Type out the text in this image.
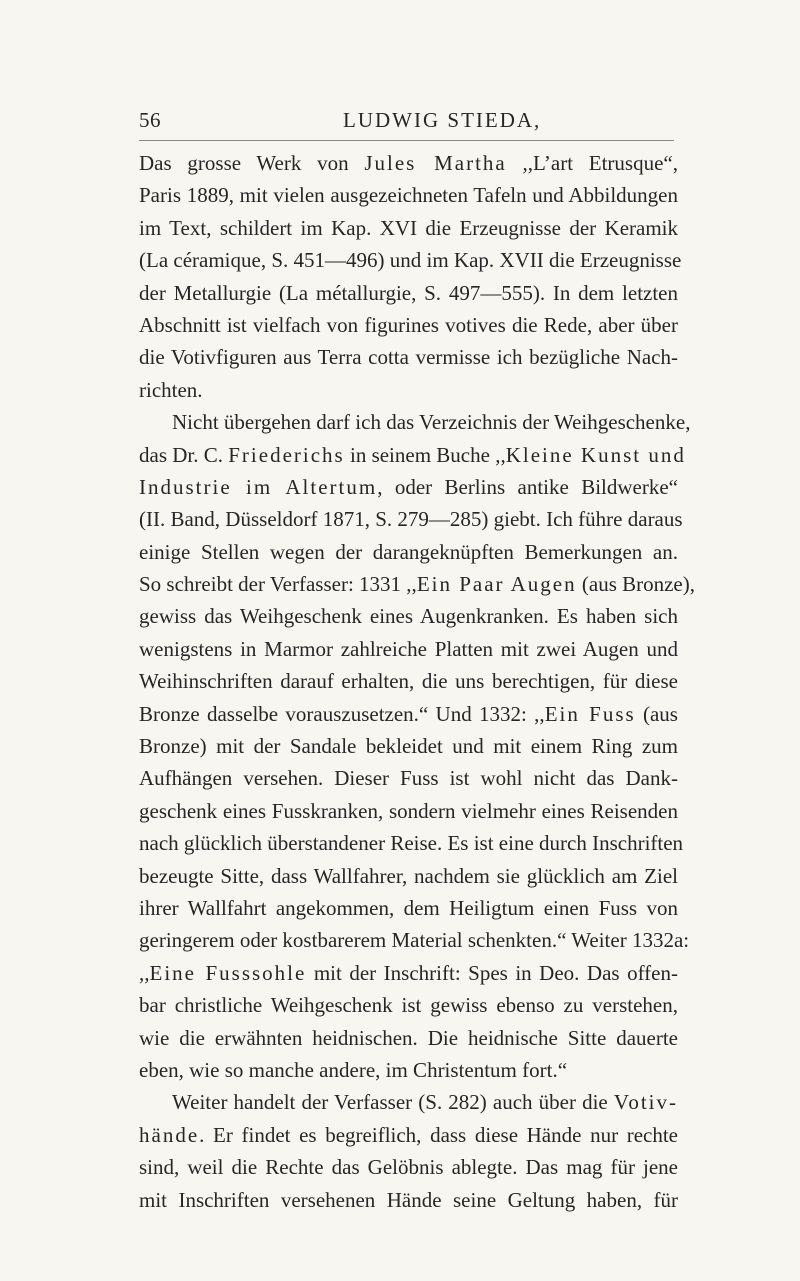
56	LUDWIG STIEDA,
Das grosse Werk von Jules Martha ,,L’art Etrusque“,
Paris 1889, mit vielen ausgezeichneten Tafeln und Abbildungen
im Text, schildert im Kap. XVI die Erzeugnisse der Keramik
(La céramique, S. 451—496) und im Kap. XVII die Erzeugnisse
der Metallurgie (La métallurgie, S. 497—555). In dem letzten
Abschnitt ist vielfach von figurines votives die Rede, aber über
die Votivfiguren aus Terra cotta vermisse ich bezügliche Nach-
richten.
Nicht übergehen darf ich das Verzeichnis der Weihgeschenke,
das Dr. C. Friederichs in seinem Buche ,,Kleine Kunst und
Industrie im Altertum, oder Berlins antike Bildwerke“
(II. Band, Düsseldorf 1871, S. 279—285) giebt. Ich führe daraus
einige Stellen wegen der darangeknüpften Bemerkungen an.
So schreibt der Verfasser: 1331 ,,Ein Paar Augen (aus Bronze),
gewiss das Weihgeschenk eines Augenkranken. Es haben sich
wenigstens in Marmor zahlreiche Platten mit zwei Augen und
Weihinschriften darauf erhalten, die uns berechtigen, für diese
Bronze dasselbe vorauszusetzen.“ Und 1332: ,,Ein Fuss (aus
Bronze) mit der Sandale bekleidet und mit einem Ring zum
Aufhängen versehen. Dieser Fuss ist wohl nicht das Dank-
geschenk eines Fusskranken, sondern vielmehr eines Reisenden
nach glücklich überstandener Reise. Es ist eine durch Inschriften
bezeugte Sitte, dass Wallfahrer, nachdem sie glücklich am Ziel
ihrer Wallfahrt angekommen, dem Heiligtum einen Fuss von
geringerem oder kostbarerem Material schenkten.“ Weiter 1332a:
,,Eine Fusssohle mit der Inschrift: Spes in Deo. Das offen-
bar christliche Weihgeschenk ist gewiss ebenso zu verstehen,
wie die erwähnten heidnischen. Die heidnische Sitte dauerte
eben, wie so manche andere, im Christentum fort.“
Weiter handelt der Verfasser (S. 282) auch über die Votiv-
hände. Er findet es begreiflich, dass diese Hände nur rechte
sind, weil die Rechte das Gelöbnis ablegte. Das mag für jene
mit Inschriften versehenen Hände seine Geltung haben, für
